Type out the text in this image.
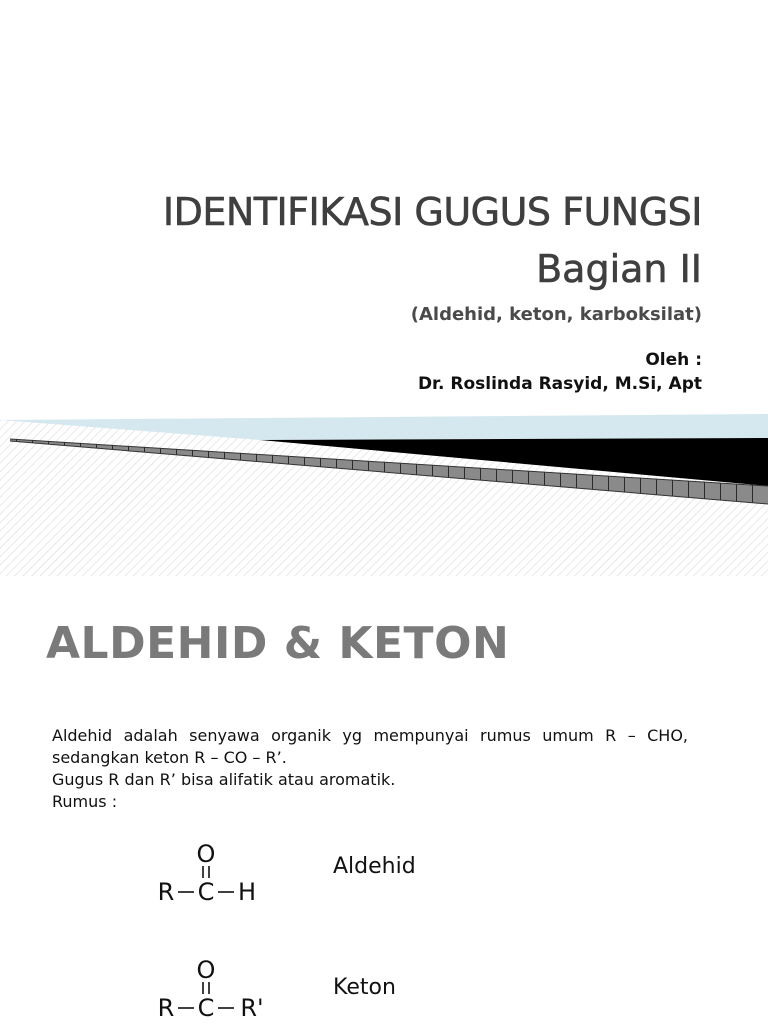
IDENTIFIKASI GUGUS FUNGSI
Bagian II
(Aldehid, keton, karboksilat)
Oleh :
Dr. Roslinda Rasyid, M.Si, Apt
ALDEHID & KETON

Aldehid adalah senyawa organik yg mempunyai rumus umum R – CHO, sedangkan keton R – CO – R’.

Gugus R dan R’ bisa alifatik atau aromatik.

Rumus :

O
R C H
Aldehid
O
R C R'
Keton
